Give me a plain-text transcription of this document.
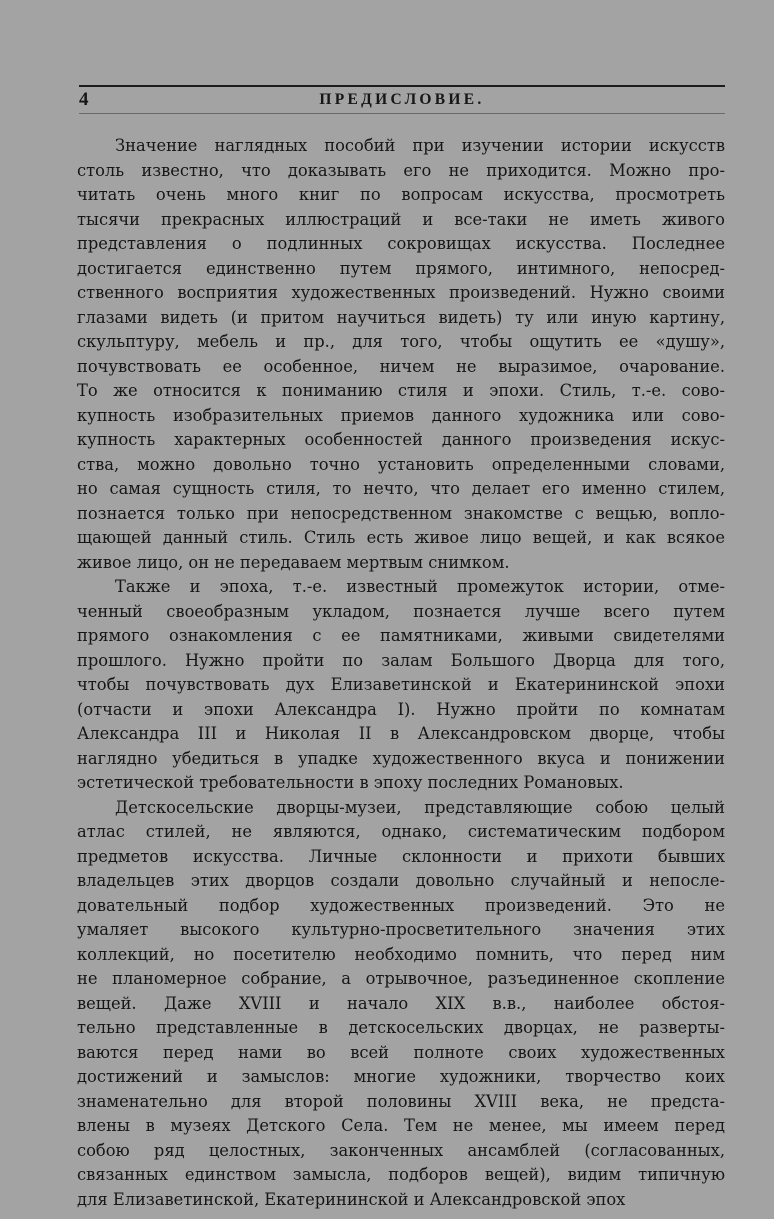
4	ПРЕДИСЛОВИЕ.
Значение наглядных пособий при изучении истории искусств
столь известно, что доказывать его не приходится. Можно про-
читать очень много книг по вопросам искусства, просмотреть
тысячи прекрасных иллюстраций и все-таки не иметь живого
представления о подлинных сокровищах искусства. Последнее
достигается единственно путем прямого, интимного, непосред-
ственного восприятия художественных произведений. Нужно своими
глазами видеть (и притом научиться видеть) ту или иную картину,
скульптуру, мебель и пр., для того, чтобы ощутить ее «душу»,
почувствовать ее особенное, ничем не выразимое, очарование.
То же относится к пониманию стиля и эпохи. Стиль, т.-е. сово-
купность изобразительных приемов данного художника или сово-
купность характерных особенностей данного произведения искус-
ства, можно довольно точно установить определенными словами,
но самая сущность стиля, то нечто, что делает его именно стилем,
познается только при непосредственном знакомстве с вещью, вопло-
щающей данный стиль. Стиль есть живое лицо вещей, и как всякое
живое лицо, он не передаваем мертвым снимком.
Также и эпоха, т.-е. известный промежуток истории, отме-
ченный своеобразным укладом, познается лучше всего путем
прямого ознакомления с ее памятниками, живыми свидетелями
прошлого. Нужно пройти по залам Большого Дворца для того,
чтобы почувствовать дух Елизаветинской и Екатерининской эпохи
(отчасти и эпохи Александра I). Нужно пройти по комнатам
Александра III и Николая II в Александровском дворце, чтобы
наглядно убедиться в упадке художественного вкуса и понижении
эстетической требовательности в эпоху последних Романовых.
Детскосельские дворцы-музеи, представляющие собою целый
атлас стилей, не являются, однако, систематическим подбором
предметов искусства. Личные склонности и прихоти бывших
владельцев этих дворцов создали довольно случайный и непосле-
довательный подбор художественных произведений. Это не
умаляет высокого культурно-просветительного значения этих
коллекций, но посетителю необходимо помнить, что перед ним
не планомерное собрание, а отрывочное, разъединенное скопление
вещей. Даже XVIII и начало XIX в.в., наиболее обстоя-
тельно представленные в детскосельских дворцах, не разверты-
ваются перед нами во всей полноте своих художественных
достижений и замыслов: многие художники, творчество коих
знаменательно для второй половины XVIII века, не предста-
влены в музеях Детского Села. Тем не менее, мы имеем перед
собою ряд целостных, законченных ансамблей (согласованных,
связанных единством замысла, подборов вещей), видим типичную
для Елизаветинской, Екатерининской и Александровской эпох
